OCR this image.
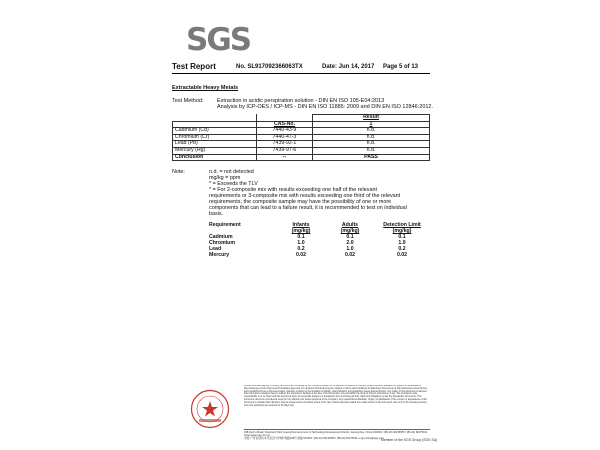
SGS
Test Report	No. SL917092366063TX	Date: Jun 14, 2017 Page 5 of 13
Extractable Heavy Metals
Test Method: Extraction in acidic perspiration solution - DIN EN ISO 105-E04:2013
Analysis by ICP-OES / ICP-MS - DIN EN ISO 11885: 2009 and DIN EN ISO 12846:2012.
		Result
	CAS-No.	1
Cadmium (Cd)	7440-43-9	n.d.
Chromium (Cr)	7440-47-3	n.d.
Lead (Pb)	7439-92-1	n.d.
Mercury (Hg)	7439-97-6	n.d.
Conclusion	--	PASS
Note:	n.d. = not detected
mg/kg = ppm
* = Exceeds the TLV
* = For 2-composite mix with results exceeding one half of the relevant
requirements or 3-composite mix with results exceeding one third of the relevant
requirements, the composite sample may have the possibility of one or more
components that can lead to a failure result, it is recommended to test on individual
basis.
Requirement	Infants	Adults	Detection Limit
	(mg/kg)	(mg/kg)	(mg/kg)
Cadmium	0.1	0.1	0.1
Chromium	1.0	2.0	1.0
Lead	0.2	1.0	0.2
Mercury	0.02	0.02	0.02
Unless otherwise agreed in writing, this document is issued by the Company subject to its General Conditions of Service printed overleaf, available on request or accessible at http://www.sgs.com/en/Terms-and-Conditions.aspx and, for electronic format documents, subject to Terms and Conditions for Electronic Documents at http://www.sgs.com/en/Terms-and-Conditions/Terms-e-Document.aspx. Attention is drawn to the limitation of liability, indemnification and jurisdiction issues defined therein. Any holder of this document is advised that information contained hereon reflects the Company's findings at the time of its intervention only and within the limits of Client's instructions, if any. The Company's sole responsibility is to its Client and this document does not exonerate parties to a transaction from exercising all their rights and obligations under the transaction documents. This document cannot be reproduced except in full, without prior written approval of the Company. Any unauthorized alteration, forgery or falsification of the content or appearance of this document is unlawful and offenders may be prosecuted to the fullest extent of the law. Unless otherwise stated the results shown in this test report refer only to the sample(s) tested and such sample(s) are retained for 30 days only.
198 Kezhu Road, Scientech Park Guangzhou Economic & Technology Development District, Guangzhou, China 510663 t (86-20) 82155555 f (86-20) 82075191 www.sgsgroup.com.cn
中国·广州·经济技术开发区科学城科珠路198号 邮编:510663 t (86-20) 82155555 f (86-20) 82075191 e sgs.china@sgs.com
Member of the SGS Group (SGS SA)
